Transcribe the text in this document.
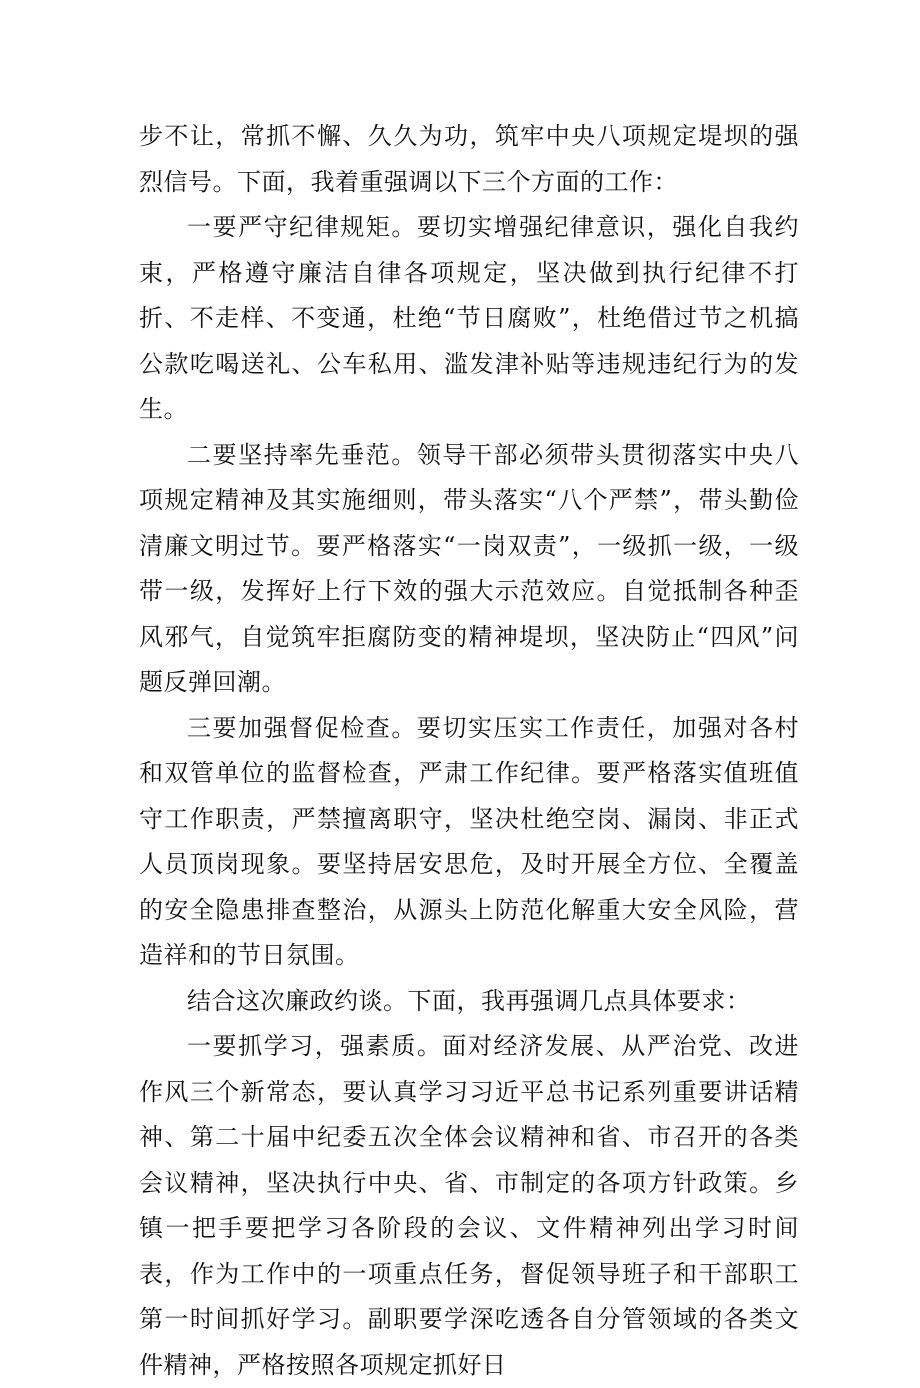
步不让，常抓不懈、久久为功，筑牢中央八项规定堤坝的强烈信号。下面，我着重强调以下三个方面的工作：

一要严守纪律规矩。要切实增强纪律意识，强化自我约束，严格遵守廉洁自律各项规定，坚决做到执行纪律不打折、不走样、不变通，杜绝“节日腐败”，杜绝借过节之机搞公款吃喝送礼、公车私用、滥发津补贴等违规违纪行为的发生。

二要坚持率先垂范。领导干部必须带头贯彻落实中央八项规定精神及其实施细则，带头落实“八个严禁”，带头勤俭清廉文明过节。要严格落实“一岗双责”，一级抓一级，一级带一级，发挥好上行下效的强大示范效应。自觉抵制各种歪风邪气，自觉筑牢拒腐防变的精神堤坝，坚决防止“四风”问题反弹回潮。

三要加强督促检查。要切实压实工作责任，加强对各村和双管单位的监督检查，严肃工作纪律。要严格落实值班值守工作职责，严禁擅离职守，坚决杜绝空岗、漏岗、非正式人员顶岗现象。要坚持居安思危，及时开展全方位、全覆盖的安全隐患排查整治，从源头上防范化解重大安全风险，营造祥和的节日氛围。

结合这次廉政约谈。下面，我再强调几点具体要求：

一要抓学习，强素质。面对经济发展、从严治党、改进作风三个新常态，要认真学习习近平总书记系列重要讲话精神、第二十届中纪委五次全体会议精神和省、市召开的各类会议精神，坚决执行中央、省、市制定的各项方针政策。乡镇一把手要把学习各阶段的会议、文件精神列出学习时间表，作为工作中的一项重点任务，督促领导班子和干部职工第一时间抓好学习。副职要学深吃透各自分管领域的各类文件精神，严格按照各项规定抓好日
